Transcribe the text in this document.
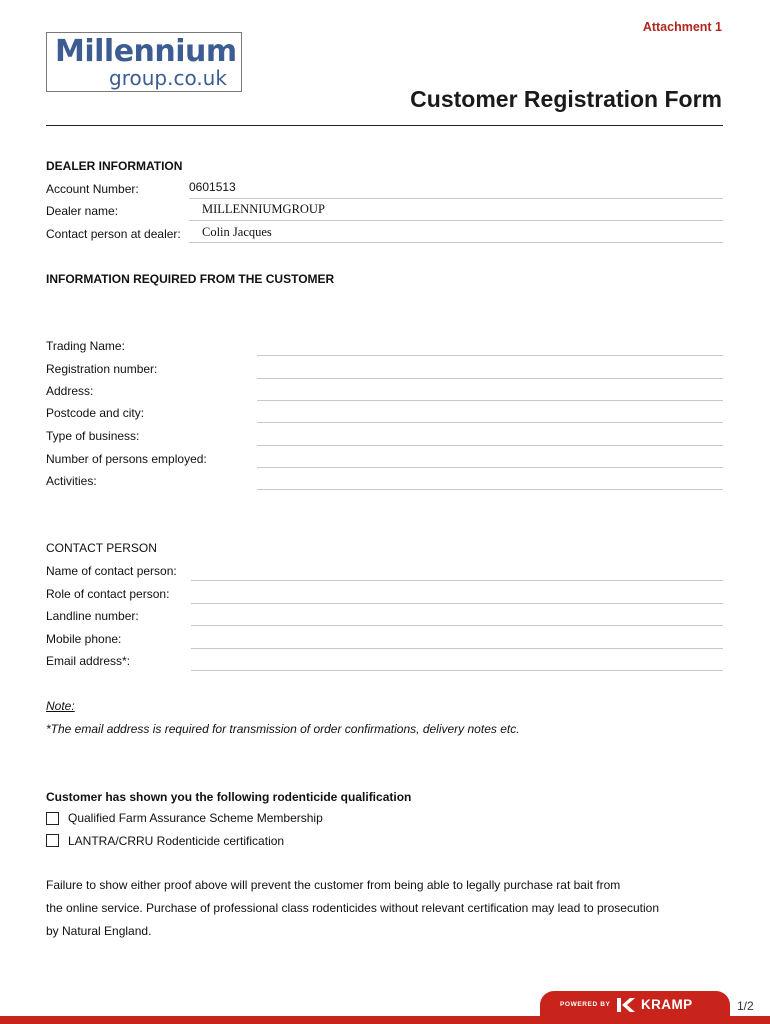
Attachment 1
Millennium
group.co.uk
Customer Registration Form
DEALER INFORMATION
Account Number:	0601513
Dealer name:	MILLENNIUMGROUP
Contact person at dealer: Colin Jacques
INFORMATION REQUIRED FROM THE CUSTOMER
Trading Name:
Registration number:
Address:
Postcode and city:
Type of business:
Number of persons employed:
Activities:
CONTACT PERSON
Name of contact person:
Role of contact person:
Landline number:
Mobile phone:
Email address*:
Note:
*The email address is required for transmission of order confirmations, delivery notes etc.
Customer has shown you the following rodenticide qualification
Qualified Farm Assurance Scheme Membership
LANTRA/CRRU Rodenticide certification
Failure to show either proof above will prevent the customer from being able to legally purchase rat bait from
the online service. Purchase of professional class rodenticides without relevant certification may lead to prosecution
by Natural England.
POWERED BY KRAMP	1/2
